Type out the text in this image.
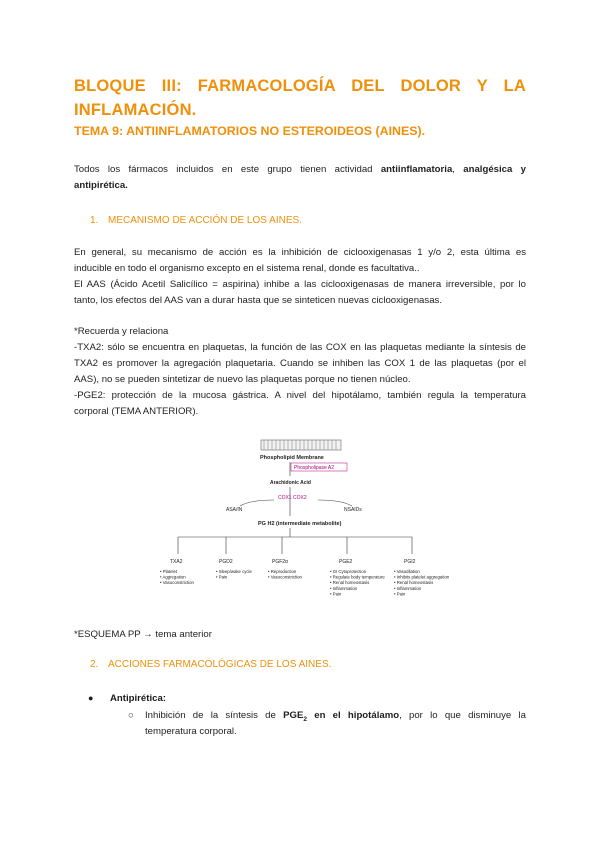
BLOQUE III: FARMACOLOGÍA DEL DOLOR Y LA
INFLAMACIÓN.
TEMA 9: ANTIINFLAMATORIOS NO ESTEROIDEOS (AINES).
Todos los fármacos incluidos en este grupo tienen actividad antiinflamatoria, analgésica y
antipirética.
1. MECANISMO DE ACCIÓN DE LOS AINES.
En general, su mecanismo de acción es la inhibición de ciclooxigenasas 1 y/o 2, esta última es
inducible en todo el organismo excepto en el sistema renal, donde es facultativa..
El AAS (Ácido Acetil Salicílico = aspirina) inhibe a las ciclooxigenasas de manera irreversible, por lo
tanto, los efectos del AAS van a durar hasta que se sinteticen nuevas ciclooxigenasas.
*Recuerda y relaciona
-TXA2: sólo se encuentra en plaquetas, la función de las COX en las plaquetas mediante la síntesis de
TXA2 es promover la agregación plaquetaria. Cuando se inhiben las COX 1 de las plaquetas (por el
AAS), no se pueden sintetizar de nuevo las plaquetas porque no tienen núcleo.
-PGE2: protección de la mucosa gástrica. A nivel del hipotálamo, también regula la temperatura
corporal (TEMA ANTERIOR).
Phospholipid Membrane
Phospholipase A2
Arachidonic Acid
COX1 COX2
ASA/IN	NSAIDs
PG H2 (intermediate metabolite)
TXA2
• Platelet
• Aggregation
• Vasoconstriction
PGD2
• Sleep/wake cycle
• Pain
PGF2α
• Reproduction
• Vasoconstriction
PGE2
• GI Cytoprotection
• Regulate body temperature
• Renal homeostasis
• Inflammation
• Pain
PGI2
• Vasodilation
• Inhibits platelet aggregation
• Renal homeostasis
• Inflammation
• Pain
*ESQUEMA PP → tema anterior
2. ACCIONES FARMACOLÓGICAS DE LOS AINES.
● Antipirética:
○ Inhibición de la síntesis de $PGE_2$ en el hipotálamo, por lo que disminuye la
temperatura corporal.
